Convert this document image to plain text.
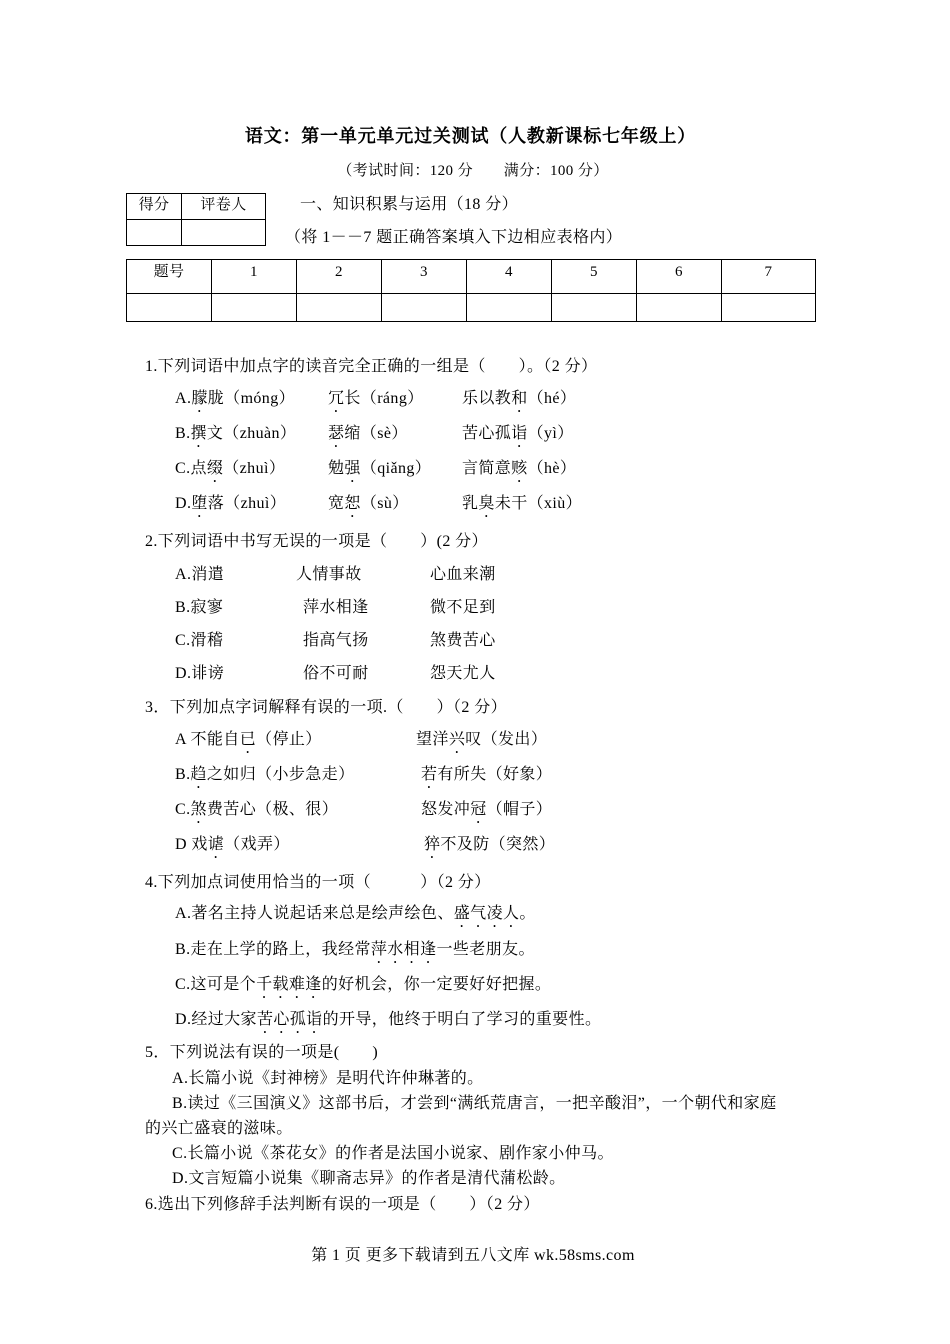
语文：第一单元单元过关测试（人教新课标七年级上）
（考试时间：120 分　　满分：100 分）
得分	评卷人
		一、知识积累与运用（18 分）
（将 1－－7 题正确答案填入下边相应表格内）
题号	1	2	3	4	5	6	7

1.下列词语中加点字的读音完全正确的一组是（　　）。（2 分）
A.朦胧（móng） 冗长（ráng） 乐以教和（hé）
B.撰文（zhuàn） 瑟缩（sè）	苦心孤诣（yì）
C.点缀（zhuì）	勉强（qiǎng） 言简意赅（hè）
D.堕落（zhuì）	宽恕（sù）	乳臭未干（xiù）
2.下列词语中书写无误的一项是（　　）(2 分）
A.消遣	人情事故	心血来潮
B.寂寥	萍水相逢	微不足到
C.滑稽	指高气扬	煞费苦心
D.诽谤	俗不可耐	怨天尤人
3．下列加点字词解释有误的一项.（　　）（2 分）
A 不能自已（停止）	望洋兴叹（发出）
B.趋之如归（小步急走）	若有所失（好象）
C.煞费苦心（极、很）	怒发冲冠（帽子）
D 戏谑（戏弄）	猝不及防（突然）
4.下列加点词使用恰当的一项（　　　）（2 分）
A.著名主持人说起话来总是绘声绘色、盛气凌人。
B.走在上学的路上，我经常萍水相逢一些老朋友。
C.这可是个千载难逢的好机会，你一定要好好把握。
D.经过大家苦心孤诣的开导，他终于明白了学习的重要性。
5．下列说法有误的一项是(　　)
A.长篇小说《封神榜》是明代许仲琳著的。
B.读过《三国演义》这部书后，才尝到“满纸荒唐言，一把辛酸泪”，一个朝代和家庭
的兴亡盛衰的滋味。
C.长篇小说《茶花女》的作者是法国小说家、剧作家小仲马。
D.文言短篇小说集《聊斋志异》的作者是清代蒲松龄。
6.选出下列修辞手法判断有误的一项是（　　）（2 分）
第 1 页 更多下载请到五八文库 wk.58sms.com
